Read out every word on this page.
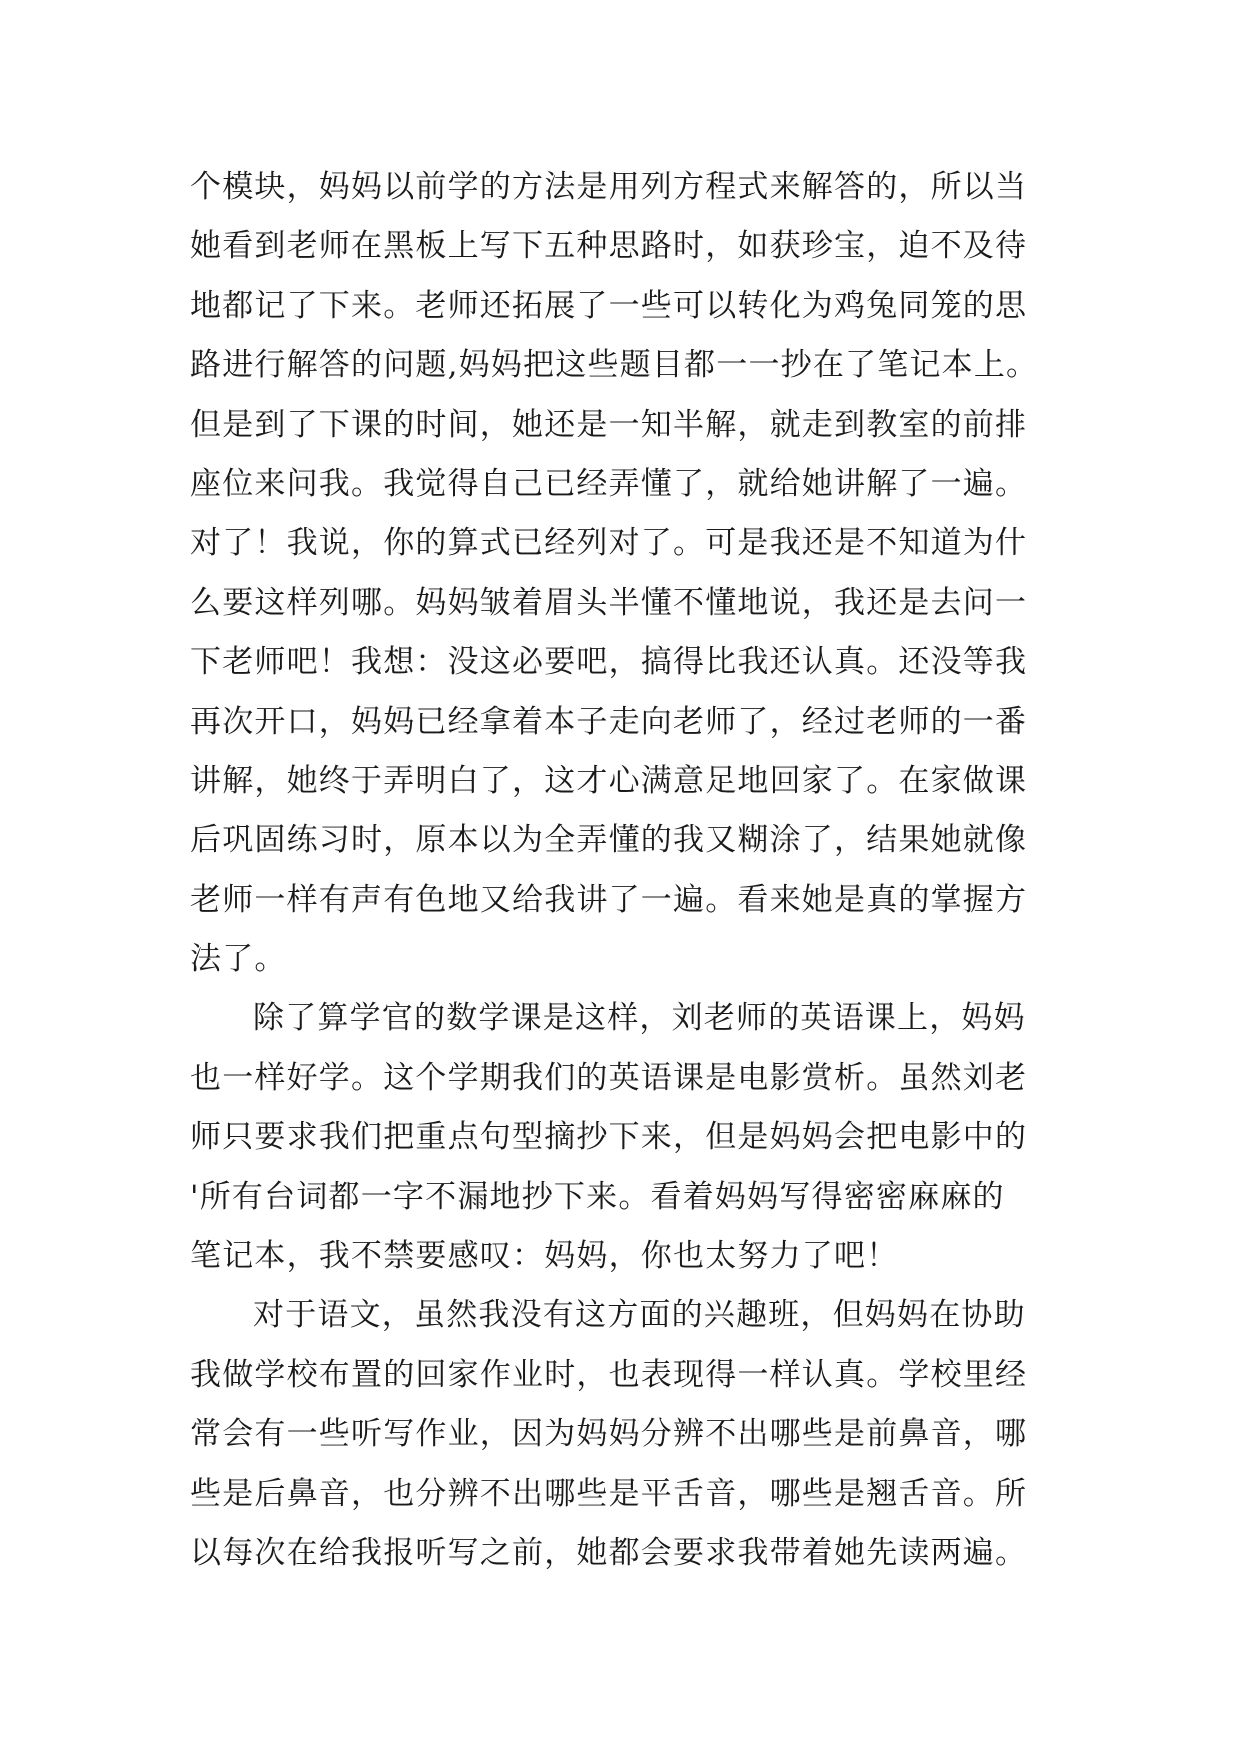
个模块，妈妈以前学的方法是用列方程式来解答的，所以当
她看到老师在黑板上写下五种思路时，如获珍宝，迫不及待
地都记了下来。老师还拓展了一些可以转化为鸡兔同笼的思
路进行解答的问题,妈妈把这些题目都一一抄在了笔记本上。
但是到了下课的时间，她还是一知半解，就走到教室的前排
座位来问我。我觉得自己已经弄懂了，就给她讲解了一遍。
对了！我说，你的算式已经列对了。可是我还是不知道为什
么要这样列哪。妈妈皱着眉头半懂不懂地说，我还是去问一
下老师吧！我想：没这必要吧，搞得比我还认真。还没等我
再次开口，妈妈已经拿着本子走向老师了，经过老师的一番
讲解，她终于弄明白了，这才心满意足地回家了。在家做课
后巩固练习时，原本以为全弄懂的我又糊涂了，结果她就像
老师一样有声有色地又给我讲了一遍。看来她是真的掌握方
法了。
除了算学官的数学课是这样，刘老师的英语课上，妈妈
也一样好学。这个学期我们的英语课是电影赏析。虽然刘老
师只要求我们把重点句型摘抄下来，但是妈妈会把电影中的
'所有台词都一字不漏地抄下来。看着妈妈写得密密麻麻的
笔记本，我不禁要感叹：妈妈，你也太努力了吧！
对于语文，虽然我没有这方面的兴趣班，但妈妈在协助
我做学校布置的回家作业时，也表现得一样认真。学校里经
常会有一些听写作业，因为妈妈分辨不出哪些是前鼻音，哪
些是后鼻音，也分辨不出哪些是平舌音，哪些是翘舌音。所
以每次在给我报听写之前，她都会要求我带着她先读两遍。
